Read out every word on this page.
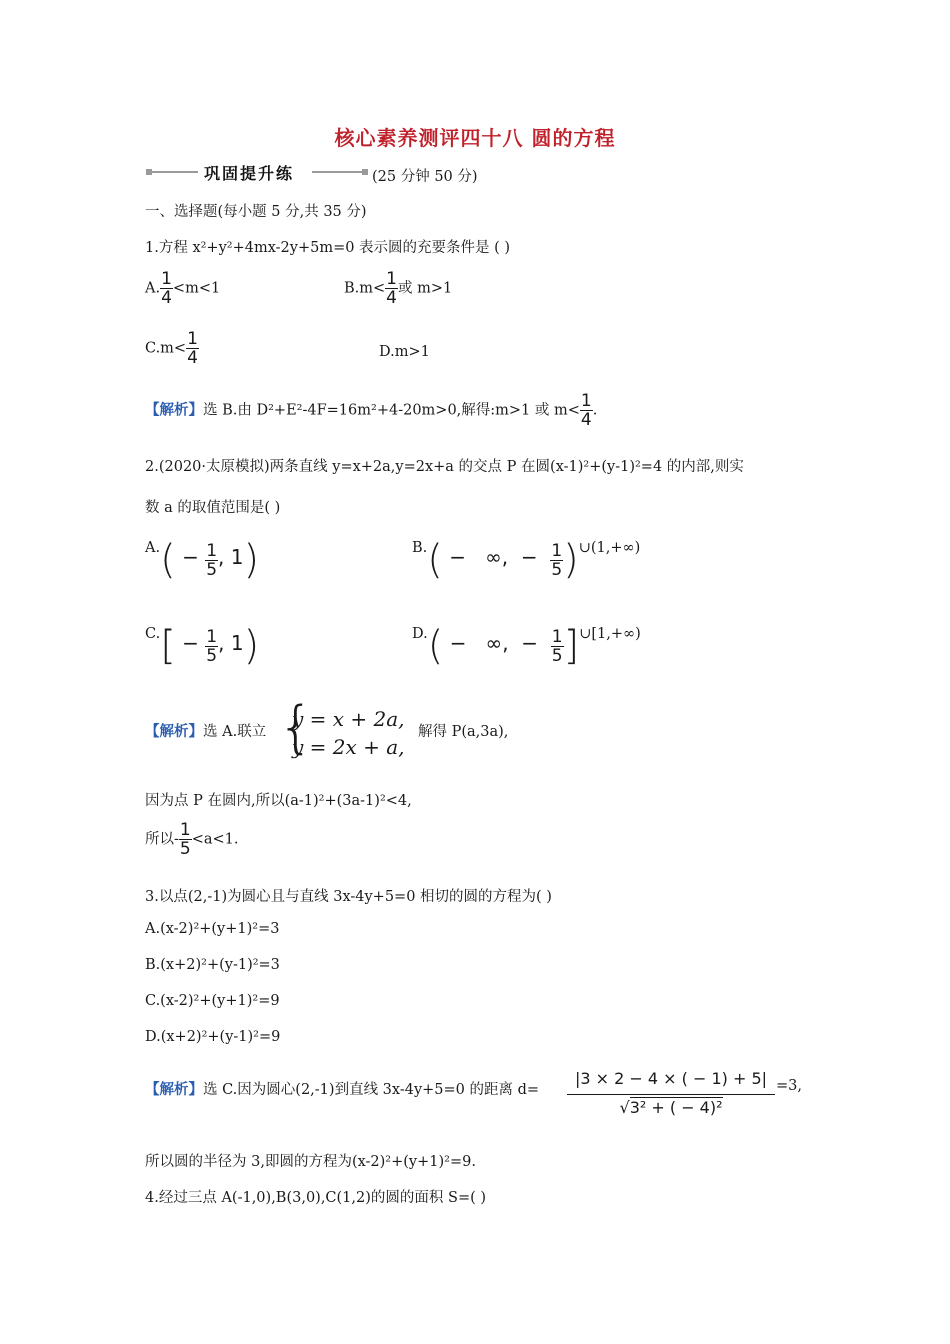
核心素养测评四十八 圆的方程
巩固提升练	(25 分钟 50 分)
一、选择题(每小题 5 分,共 35 分)
1.方程 x²+y²+4mx-2y+5m=0 表示圆的充要条件是 ( )
A. $\frac{1}{4} <m<1$	$B.m< \frac{1}{4}$ 或 m>1
$C.m< \frac{1}{4}$	D.m>1
【解析】选 B.由 D²+E²-4F=16m²+4-20m>0,解得:m>1 或 $m< \frac{1}{4}$ .
2.(2020·太原模拟)两条直线 y=x+2a,y=2x+a 的交点 P 在圆(x-1)²+(y-1)²=4 的内部,则实
数 a 的取值范围是( )
$A.( - \frac{1}{5}$ , 1)	B.( − ∞, − $\frac{1}{5}$ )∪(1,+∞)
$C.[ - \frac{1}{5}$ , 1)	D.( − ∞, − $\frac{1}{5}$ ]∪[1,+∞)
【解析】选 A.联立 {
y = x + 2a,
y = 2x + a,
解得 P(a,3a),
因为点 P 在圆内,所以(a-1)²+(3a-1)²<4,
所以- $\frac{1}{5} <a<1$.
3.以点(2,-1)为圆心且与直线 3x-4y+5=0 相切的圆的方程为( )
A.(x-2)²+(y+1)²=3
B.(x+2)²+(y-1)²=3
C.(x-2)²+(y+1)²=9
D.(x+2)²+(y-1)²=9
【解析】选 C.因为圆心(2,-1)到直线 3x-4y+5=0 的距离 d=
|3 × 2 − 4 × ( − 1) + 5|
√3² + ( − 4)²
=3,
所以圆的半径为 3,即圆的方程为(x-2)²+(y+1)²=9.
4.经过三点 A(-1,0),B(3,0),C(1,2)的圆的面积 S=( )
